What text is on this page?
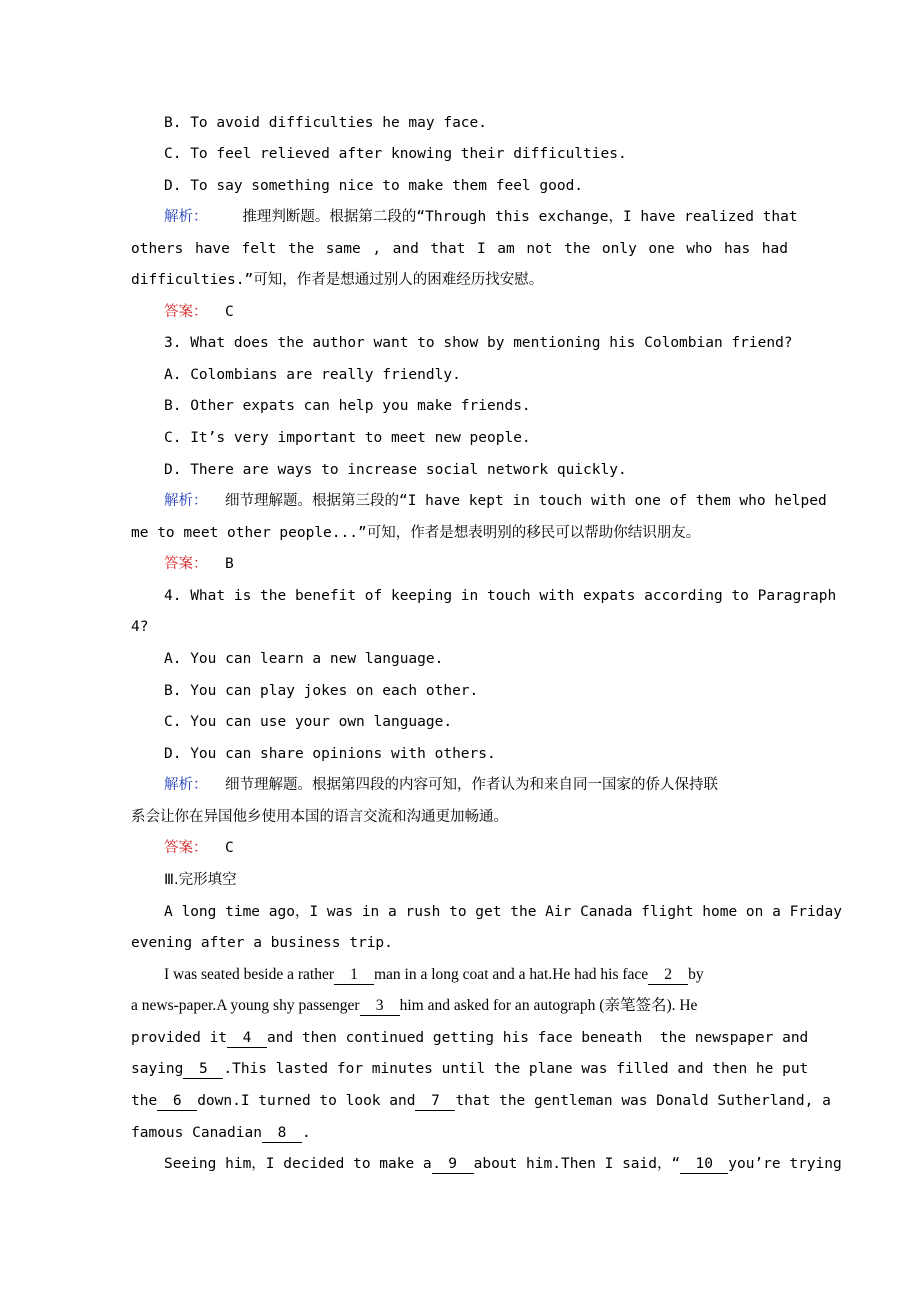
B. To avoid difficulties he may face.
C. To feel relieved after knowing their difficulties.
D. To say something nice to make them feel good.
解析： 推理判断题。根据第二段的“Through this exchange，I have realized that
others have felt the same , and that I am not the only one who has had
difficulties.”可知，作者是想通过别人的困难经历找安慰。
答案： C
3. What does the author want to show by mentioning his Colombian friend?
A. Colombians are really friendly.
B. Other expats can help you make friends.
C. It’s very important to meet new people.
D. There are ways to increase social network quickly.
解析： 细节理解题。根据第三段的“I have kept in touch with one of them who helped
me to meet other people...”可知，作者是想表明别的移民可以帮助你结识朋友。
答案： B
4. What is the benefit of keeping in touch with expats according to Paragraph
4?
A. You can learn a new language.
B. You can play jokes on each other.
C. You can use your own language.
D. You can share opinions with others.
解析： 细节理解题。根据第四段的内容可知，作者认为和来自同一国家的侨人保持联
系会让你在异国他乡使用本国的语言交流和沟通更加畅通。
答案： C
Ⅲ.完形填空
A long time ago，I was in a rush to get the Air Canada flight home on a Friday
evening after a business trip.
I was seated beside a rather 1 man in a long coat and a hat.He had his face 2 by
a news-paper.A young shy passenger 3 him and asked for an autograph (亲笔签名). He
provided it 4 and then continued getting his face beneath  the newspaper and
saying 5 .This lasted for minutes until the plane was filled and then he put
the 6 down.I turned to look and 7 that the gentleman was Donald Sutherland, a
famous Canadian 8 .
Seeing him，I decided to make a 9 about him.Then I said，“ 10 you’re trying
